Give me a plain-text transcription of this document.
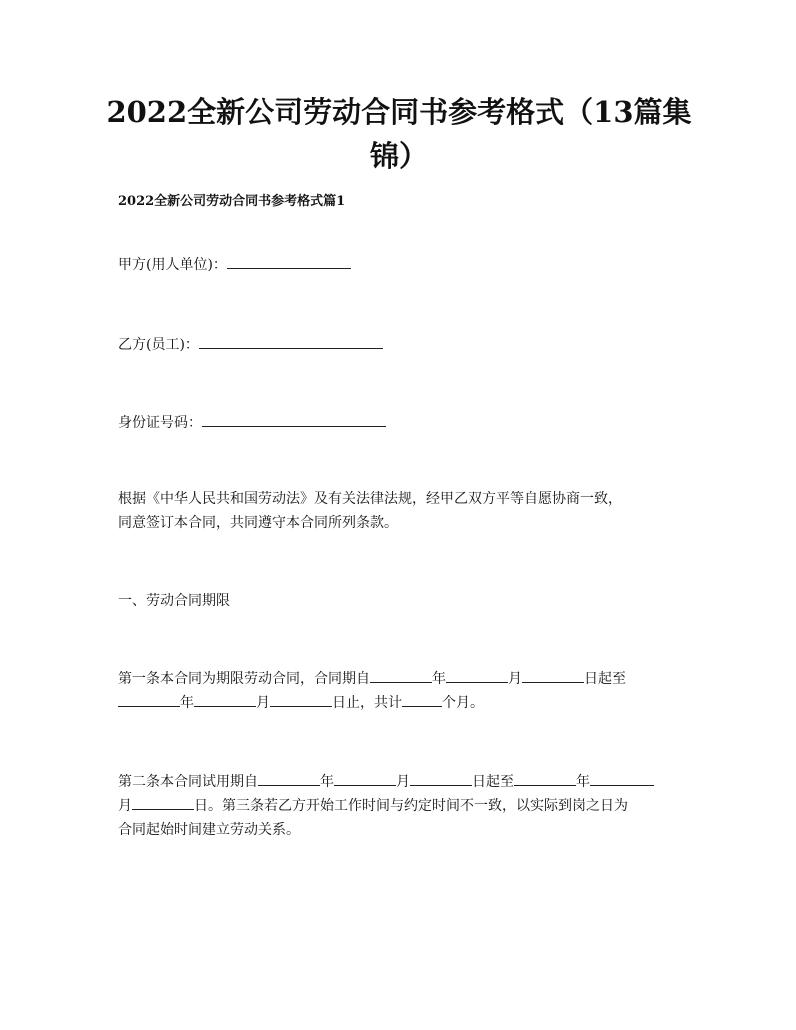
2022全新公司劳动合同书参考格式（13篇集
锦）
2022全新公司劳动合同书参考格式篇1
甲方(用人单位)：
乙方(员工)：
身份证号码：
根据《中华人民共和国劳动法》及有关法律法规，经甲乙双方平等自愿协商一致，
同意签订本合同，共同遵守本合同所列条款。
一、劳动合同期限
第一条本合同为期限劳动合同，合同期自	年	月	日起至
年	月	日止，共计	个月。
第二条本合同试用期自	年	月	日起至	年
月	日。第三条若乙方开始工作时间与约定时间不一致，以实际到岗之日为
合同起始时间建立劳动关系。
